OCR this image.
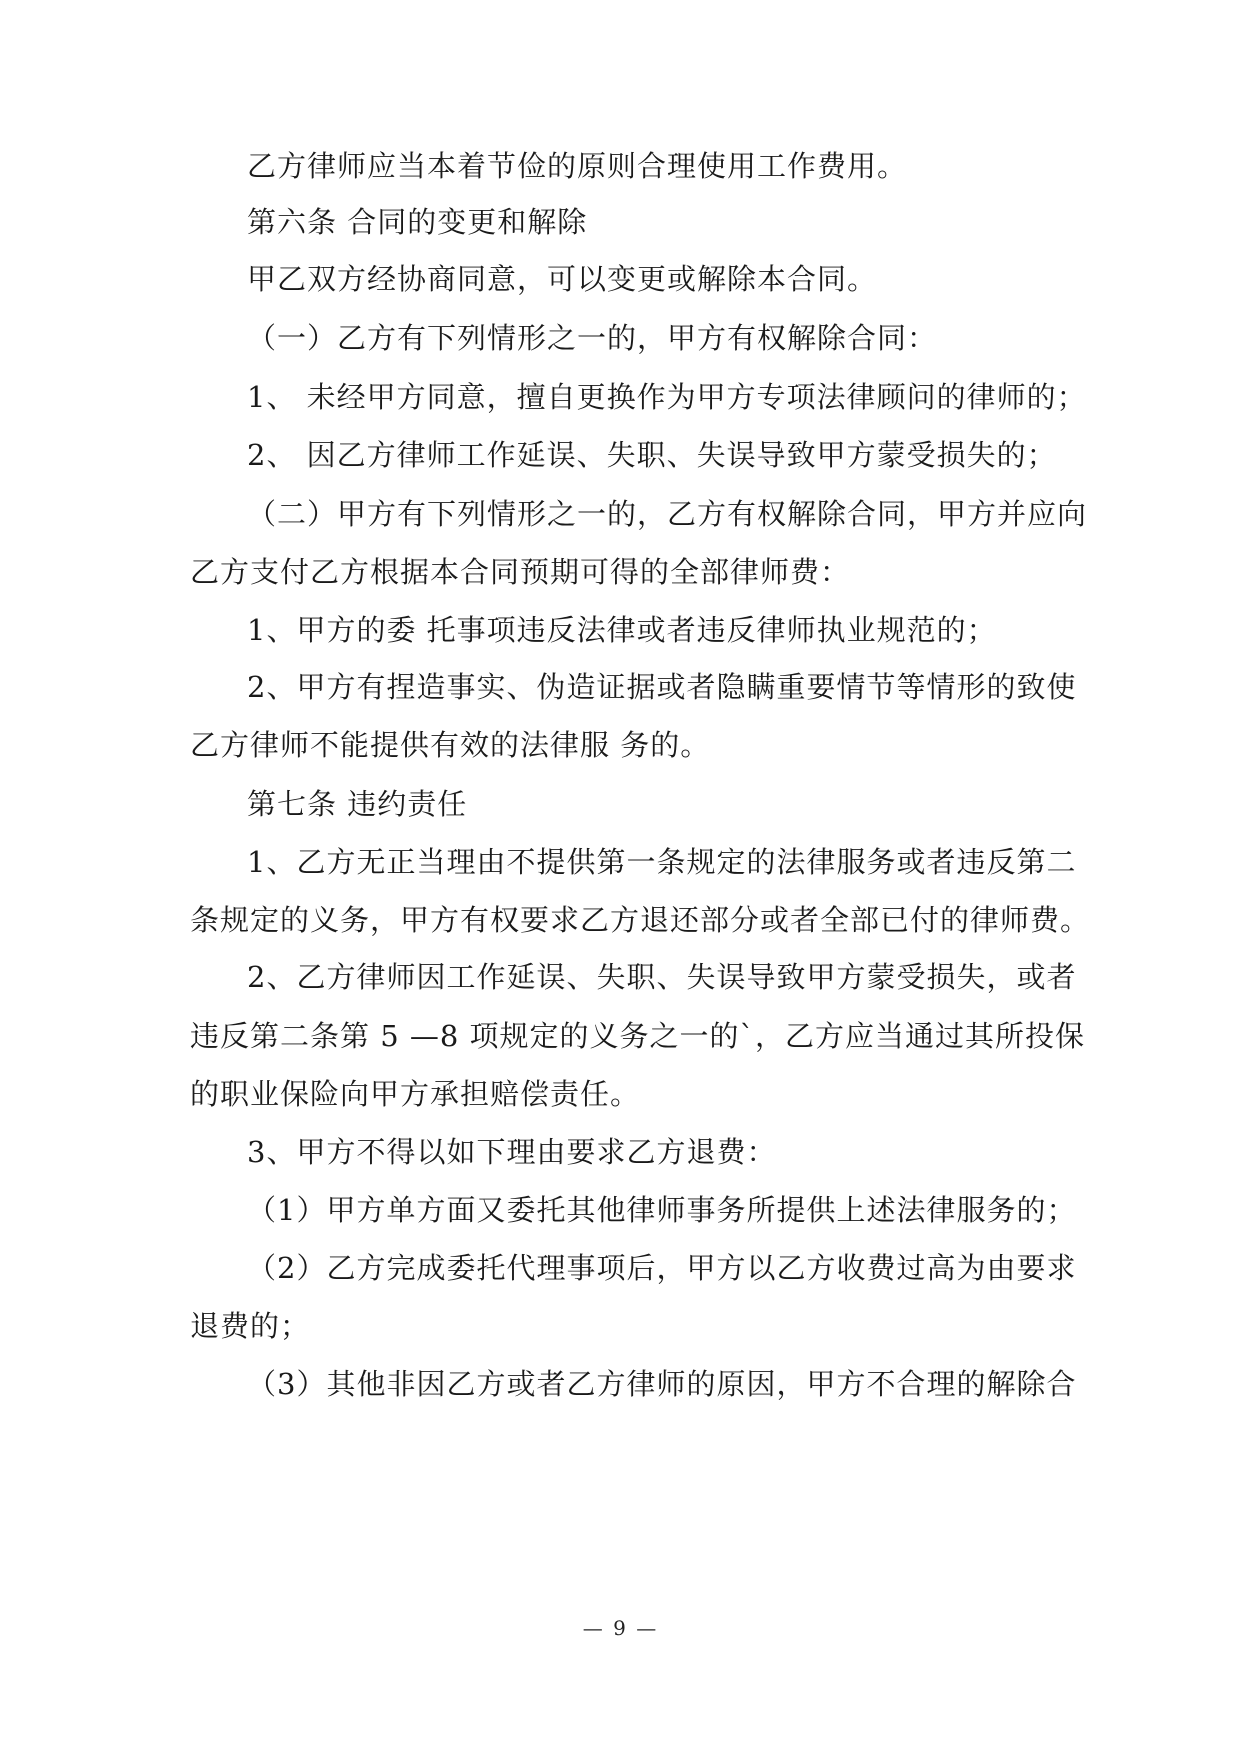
乙方律师应当本着节俭的原则合理使用工作费用。
第六条 合同的变更和解除
甲乙双方经协商同意，可以变更或解除本合同。
（一）乙方有下列情形之一的，甲方有权解除合同：
1、 未经甲方同意，擅自更换作为甲方专项法律顾问的律师的；
2、 因乙方律师工作延误、失职、失误导致甲方蒙受损失的；
（二）甲方有下列情形之一的，乙方有权解除合同，甲方并应向
乙方支付乙方根据本合同预期可得的全部律师费：
1、甲方的委 托事项违反法律或者违反律师执业规范的；
2、甲方有捏造事实、伪造证据或者隐瞒重要情节等情形的致使
乙方律师不能提供有效的法律服 务的。
第七条 违约责任
1、乙方无正当理由不提供第一条规定的法律服务或者违反第二
条规定的义务，甲方有权要求乙方退还部分或者全部已付的律师费。
2、乙方律师因工作延误、失职、失误导致甲方蒙受损失，或者
违反第二条第 5 —8 项规定的义务之一的`，乙方应当通过其所投保
的职业保险向甲方承担赔偿责任。
3、甲方不得以如下理由要求乙方退费：
（1）甲方单方面又委托其他律师事务所提供上述法律服务的；
（2）乙方完成委托代理事项后，甲方以乙方收费过高为由要求
退费的；
（3）其他非因乙方或者乙方律师的原因，甲方不合理的解除合
— 9 —
